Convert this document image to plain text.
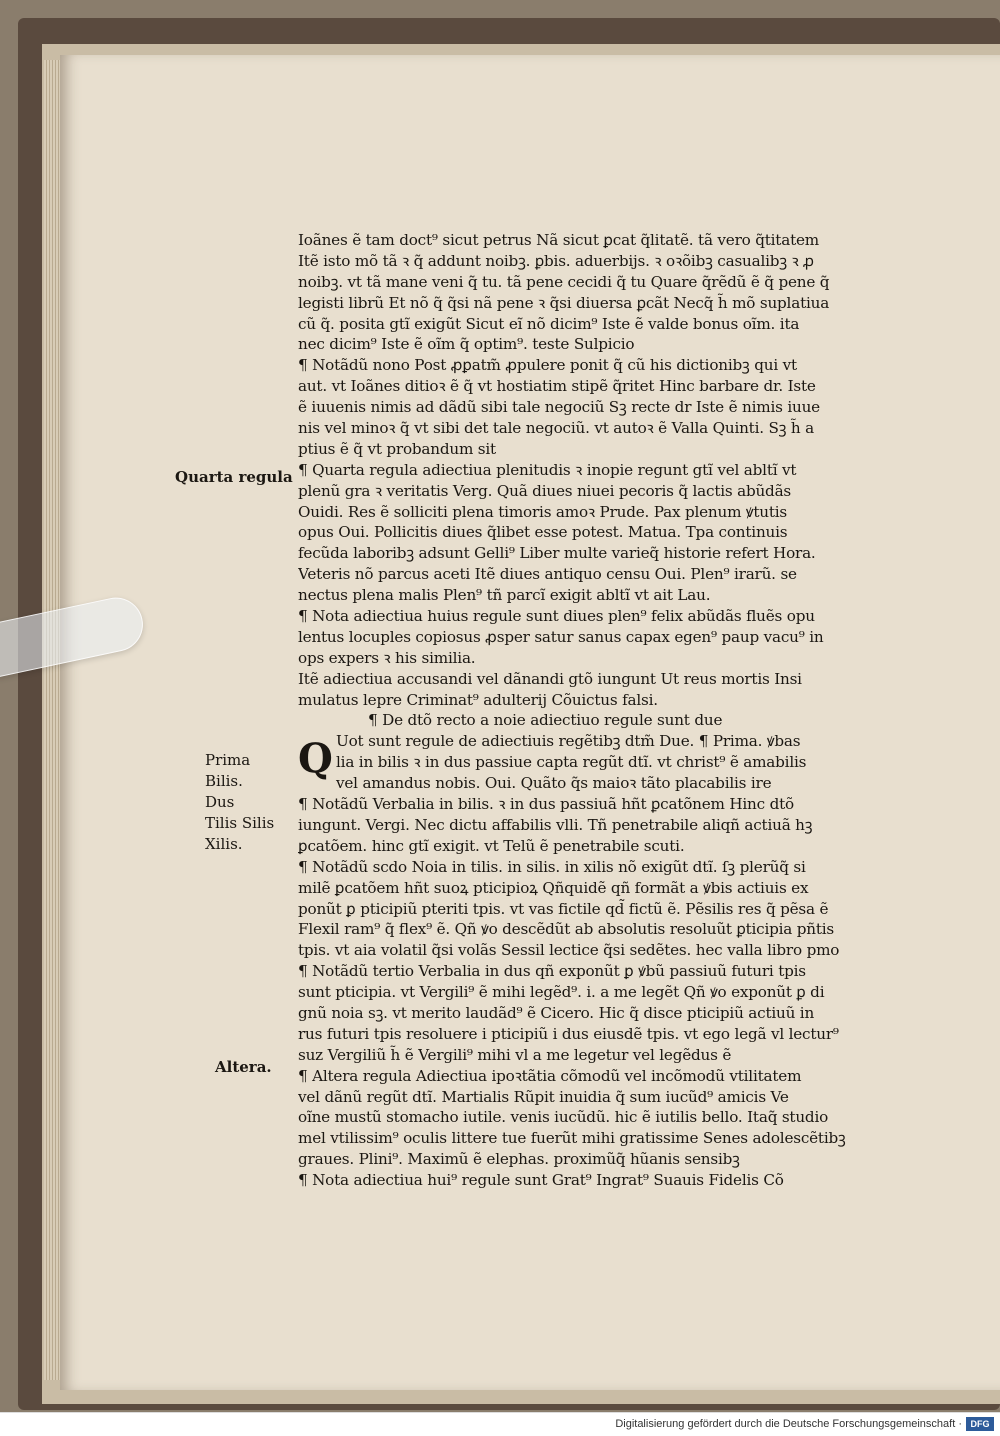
Quarta regula
Prima
Bilis.
Dus
Tilis Silis
Xilis.
Altera.
Q
Ioãnes ẽ tam doct⁹ sicut petrus Nã sicut ꝑcat q̃litatẽ. tã vero q̃titatem
Itẽ isto mõ tã ꝛ q̃ addunt noibꝫ. ꝑbis. aduerbijs. ꝛ oꝛõibꝫ casualibꝫ ꝛ ꝓ
noibꝫ. vt tã mane veni q̃ tu. tã pene cecidi q̃ tu Quare q̃rẽdũ ẽ q̃ pene q̃
legisti librũ Et nõ q̃ q̃si nã pene ꝛ q̃si diuersa ꝑcãt Necq̃ h̃ mõ suplatiua
cũ q̃. posita gtĩ exigũt Sicut eĩ nõ dicim⁹ Iste ẽ valde bonus oĩm. ita
nec dicim⁹ Iste ẽ oĩm q̃ optim⁹. teste Sulpicio
¶ Notãdũ nono Post ꝓꝑatm̃ ꝓpulere ponit q̃ cũ his dictionibꝫ qui vt
aut. vt Ioãnes ditioꝛ ẽ q̃ vt hostiatim stipẽ q̃ritet Hinc barbare dr. Iste
ẽ iuuenis nimis ad dãdũ sibi tale negociũ Sꝫ recte dr Iste ẽ nimis iuue
nis vel minoꝛ q̃ vt sibi det tale negociũ. vt autoꝛ ẽ Valla Quinti. Sꝫ h̃ a
ptius ẽ q̃ vt probandum sit
¶ Quarta regula adiectiua plenitudis ꝛ inopie regunt gtĩ vel abltĩ vt
plenũ gra ꝛ veritatis Verg. Quã diues niuei pecoris q̃ lactis abũdãs
Ouidi. Res ẽ solliciti plena timoris amoꝛ Prude. Pax plenum ꝟtutis
opus Oui. Pollicitis diues q̃libet esse potest. Matua. Tpa continuis
fecũda laboribꝫ adsunt Gelli⁹ Liber multe varieq̃ historie refert Hora.
Veteris nõ parcus aceti Itẽ diues antiquo censu Oui. Plen⁹ irarũ. se
nectus plena malis Plen⁹ tñ parcĩ exigit abltĩ vt ait Lau.
¶ Nota adiectiua huius regule sunt diues plen⁹ felix abũdãs fluẽs opu
lentus locuples copiosus ꝓsper satur sanus capax egen⁹ paup vacu⁹ in
ops expers ꝛ his similia.
Itẽ adiectiua accusandi vel dãnandi gtõ iungunt Ut reus mortis Insi
mulatus lepre Criminat⁹ adulterij Cõuictus falsi.
¶ De dtõ recto a noie adiectiuo regule sunt due
Uot sunt regule de adiectiuis regẽtibꝫ dtm̃ Due. ¶ Prima. ꝟbas
lia in bilis ꝛ in dus passiue capta regũt dtĩ. vt christ⁹ ẽ amabilis
vel amandus nobis. Oui. Quãto q̃s maioꝛ tãto placabilis ire
¶ Notãdũ Verbalia in bilis. ꝛ in dus passiuã hñt ꝑcatõnem Hinc dtõ
iungunt. Vergi. Nec dictu affabilis vlli. Tñ penetrabile aliqñ actiuã hꝫ
ꝑcatõem. hinc gtĩ exigit. vt Telũ ẽ penetrabile scuti.
¶ Notãdũ scdo Noia in tilis. in silis. in xilis nõ exigũt dtĩ. ſꝫ plerũq̃ si
milẽ ꝑcatõem hñt suoꝝ pticipioꝝ Qñquidẽ qñ formãt a ꝟbis actiuis ex
ponũt ꝑ pticipiũ pteriti tpis. vt vas fictile qd̃ fictũ ẽ. Pẽsilis res q̃ pẽsa ẽ
Flexil ram⁹ q̃ flex⁹ ẽ. Qñ ꝟo descẽdũt ab absolutis resoluũt ꝑticipia pñtis
tpis. vt aia volatil q̃si volãs Sessil lectice q̃si sedẽtes. hec valla libro pmo
¶ Notãdũ tertio Verbalia in dus qñ exponũt ꝑ ꝟbũ passiuũ futuri tpis
sunt pticipia. vt Vergili⁹ ẽ mihi legẽd⁹. i. a me legẽt Qñ ꝟo exponũt ꝑ di
gnũ noia sꝫ. vt merito laudãd⁹ ẽ Cicero. Hic q̃ disce pticipiũ actiuũ in
rus futuri tpis resoluere i pticipiũ i dus eiusdẽ tpis. vt ego legã vl lectur⁹
suz Vergiliũ h̃ ẽ Vergili⁹ mihi vl a me legetur vel legẽdus ẽ
¶ Altera regula Adiectiua ipoꝛtãtia cõmodũ vel incõmodũ vtilitatem
vel dãnũ regũt dtĩ. Martialis Rũpit inuidia q̃ sum iucũd⁹ amicis Ve
oĩne mustũ stomacho iutile. venis iucũdũ. hic ẽ iutilis bello. Itaq̃ studio
mel vtilissim⁹ oculis littere tue fuerũt mihi gratissime Senes adolescẽtibꝫ
graues. Plini⁹. Maximũ ẽ elephas. proximũq̃ hũanis sensibꝫ
¶ Nota adiectiua hui⁹ regule sunt Grat⁹ Ingrat⁹ Suauis Fidelis Cõ
Digitalisierung gefördert durch die Deutsche Forschungsgemeinschaft · DFG
